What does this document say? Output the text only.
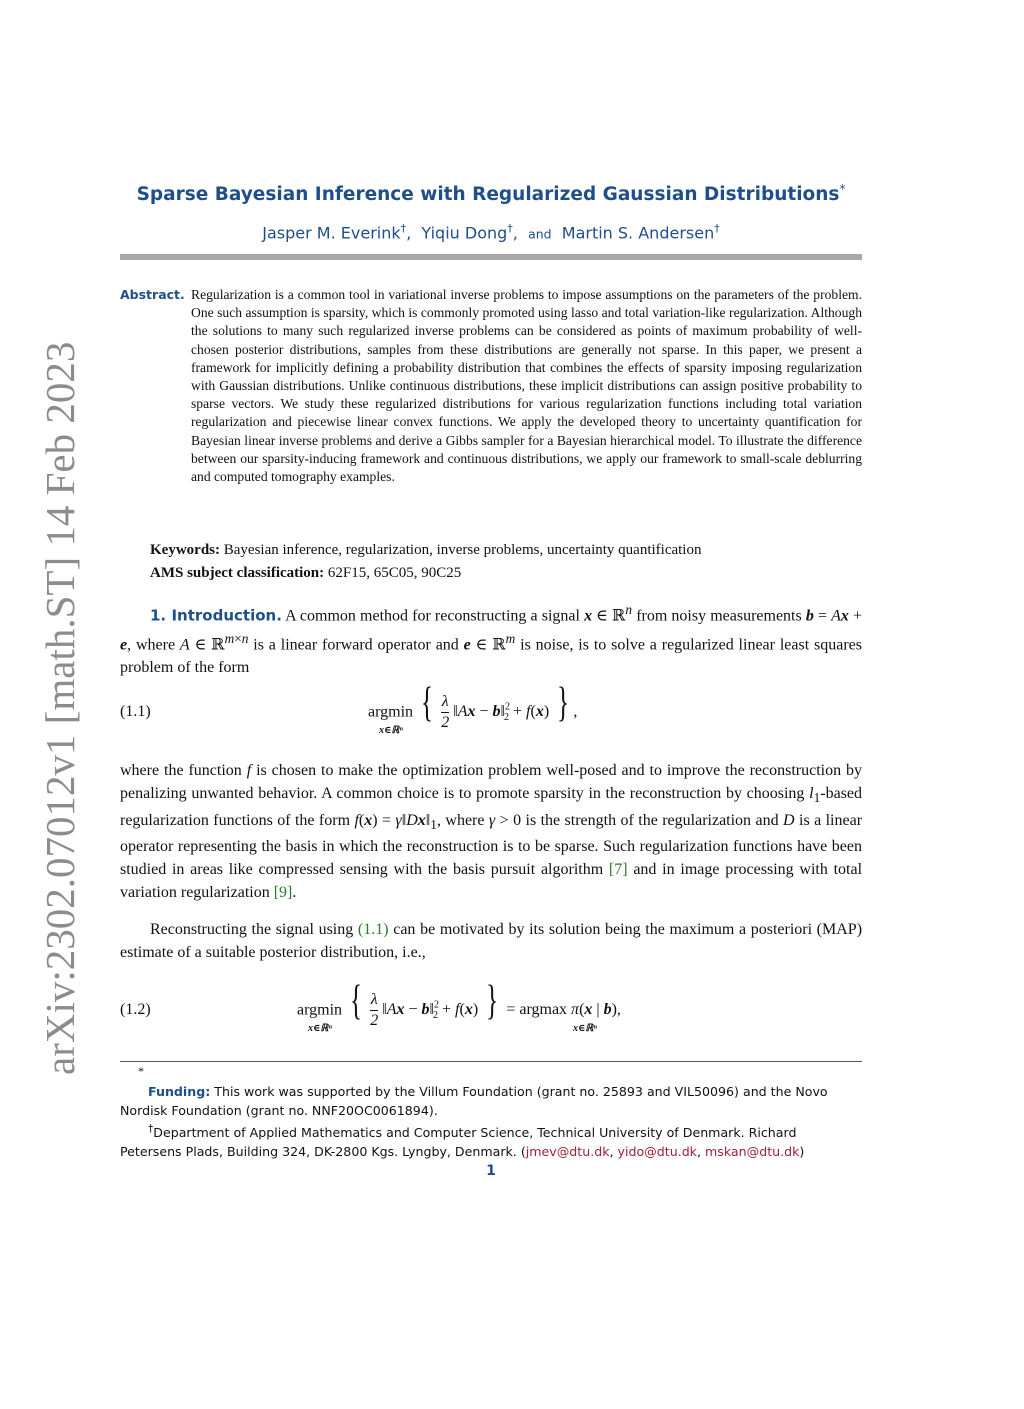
arXiv:2302.07012v1 [math.ST] 14 Feb 2023
Sparse Bayesian Inference with Regularized Gaussian Distributions*
Jasper M. Everink†, Yiqiu Dong†, and Martin S. Andersen†
Abstract. Regularization is a common tool in variational inverse problems to impose assumptions on the parameters of the problem. One such assumption is sparsity, which is commonly promoted using lasso and total variation-like regularization. Although the solutions to many such regularized inverse problems can be considered as points of maximum probability of well-chosen posterior distributions, samples from these distributions are generally not sparse. In this paper, we present a framework for implicitly defining a probability distribution that combines the effects of sparsity imposing regularization with Gaussian distributions. Unlike continuous distributions, these implicit distributions can assign positive probability to sparse vectors. We study these regularized distributions for various regularization functions including total variation regularization and piecewise linear convex functions. We apply the developed theory to uncertainty quantification for Bayesian linear inverse problems and derive a Gibbs sampler for a Bayesian hierarchical model. To illustrate the difference between our sparsity-inducing framework and continuous distributions, we apply our framework to small-scale deblurring and computed tomography examples.
Keywords: Bayesian inference, regularization, inverse problems, uncertainty quantification
AMS subject classification: 62F15, 65C05, 90C25
1. Introduction. A common method for reconstructing a signal x ∈ ℝ$^n$ from noisy measurements b = Ax + e, where A ∈ ℝ$^{m\times n}$ is a linear forward operator and e ∈ ℝ$^m$ is noise, is to solve a regularized linear least squares problem of the form
(1.1)	argmin { $\frac{\lambda}{2}$ ‖Ax − b‖$^2_2$ + f(x) } ,
x∈ℝⁿ
where the function f is chosen to make the optimization problem well-posed and to improve the reconstruction by penalizing unwanted behavior. A common choice is to promote sparsity in the reconstruction by choosing $l_1$-based regularization functions of the form $f(x) = \gamma‖Dx‖_1$, where γ > 0 is the strength of the regularization and D is a linear operator representing the basis in which the reconstruction is to be sparse. Such regularization functions have been studied in areas like compressed sensing with the basis pursuit algorithm [7] and in image processing with total variation regularization [9].
Reconstructing the signal using (1.1) can be motivated by its solution being the maximum a posteriori (MAP) estimate of a suitable posterior distribution, i.e.,
(1.2)	argmin { $\frac{\lambda}{2}$ ‖Ax − b‖$^2_2$ + f(x) } = argmax π(x | b),
x∈ℝⁿ	x∈ℝⁿ
*

Funding: This work was supported by the Villum Foundation (grant no. 25893 and VIL50096) and the Novo Nordisk Foundation (grant no. NNF20OC0061894).

†Department of Applied Mathematics and Computer Science, Technical University of Denmark. Richard Petersens Plads, Building 324, DK-2800 Kgs. Lyngby, Denmark. (jmev@dtu.dk, yido@dtu.dk, mskan@dtu.dk)

1
